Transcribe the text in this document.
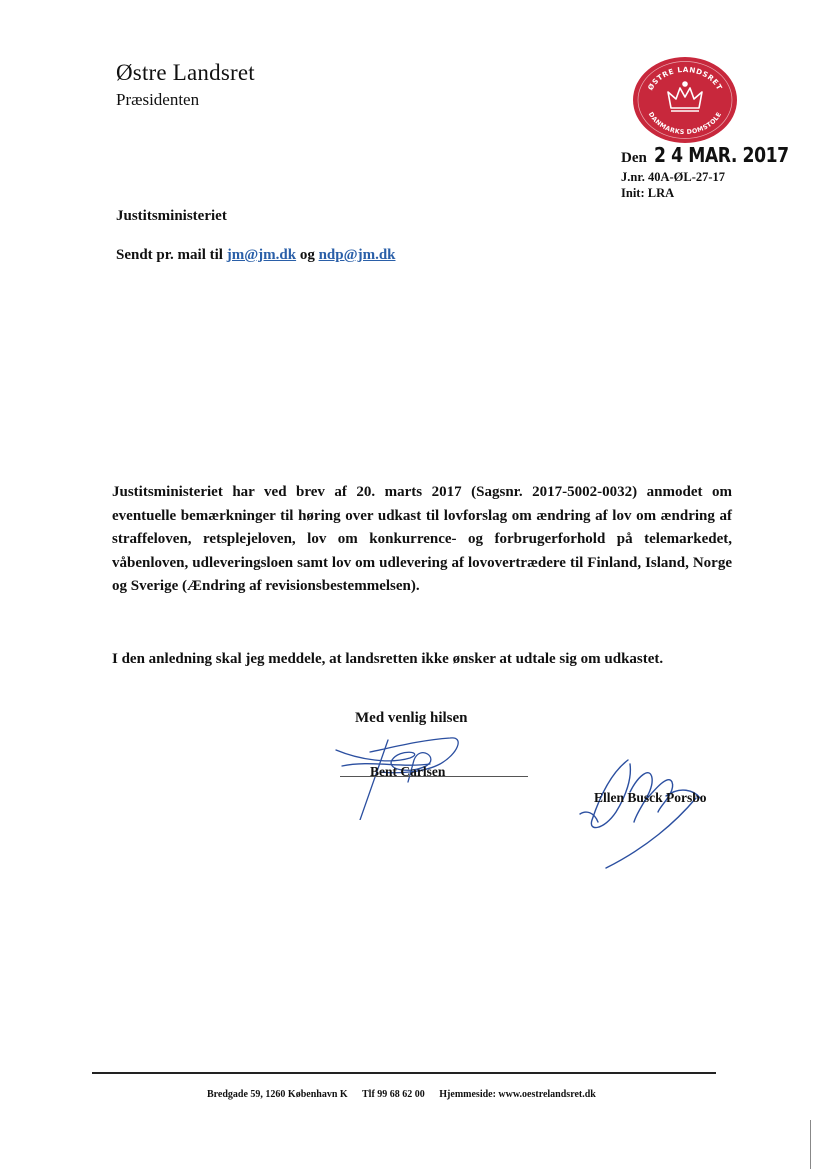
Østre Landsret
Præsidenten
ØSTRE LANDSRET
DANMARKS DOMSTOLE
Den 2 4 MAR. 2017
J.nr. 40A-ØL-27-17
Init: LRA
Justitsministeriet
Sendt pr. mail til jm@jm.dk og ndp@jm.dk
Justitsministeriet har ved brev af 20. marts 2017 (Sagsnr. 2017-5002-0032) anmodet om eventuelle bemærkninger til høring over udkast til lovforslag om ændring af lov om ændring af straffeloven, retsplejeloven, lov om konkurrence- og forbrugerforhold på telemarkedet, våbenloven, udleveringsloen samt lov om udlevering af lovovertrædere til Finland, Island, Norge og Sverige (Ændring af revisionsbestemmelsen).
I den anledning skal jeg meddele, at landsretten ikke ønsker at udtale sig om udkastet.
Med venlig hilsen
Bent Carlsen
Ellen Busck Porsbo
Bredgade 59, 1260 København K Tlf 99 68 62 00 Hjemmeside: www.oestrelandsret.dk
